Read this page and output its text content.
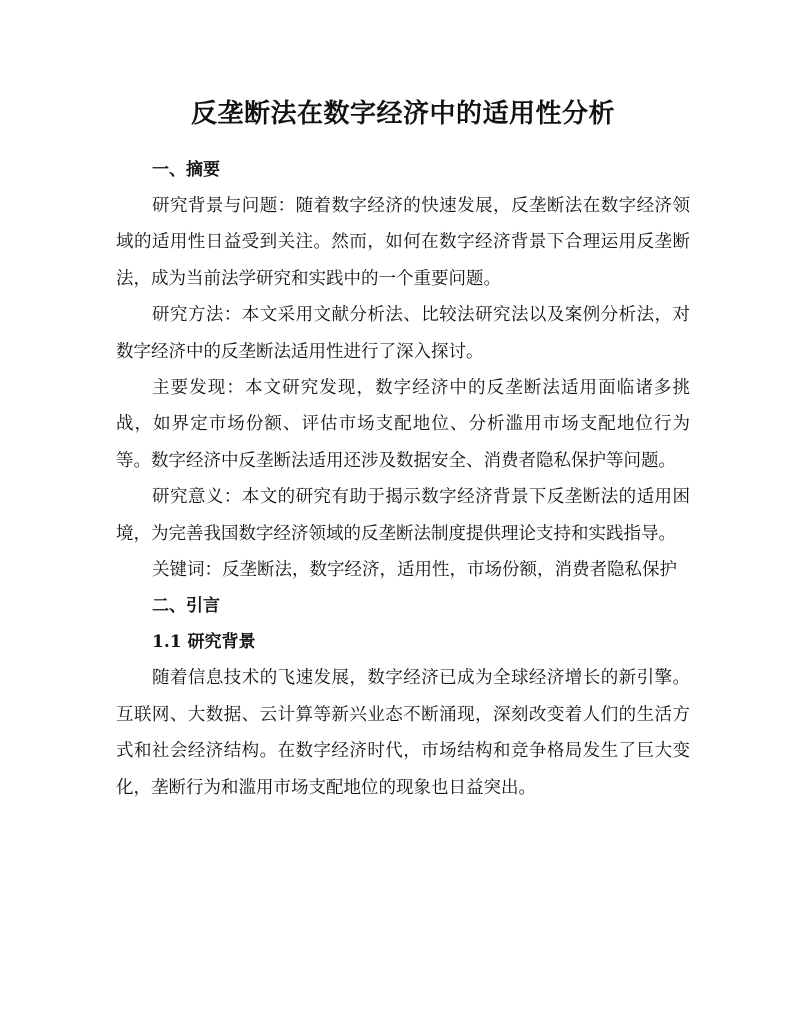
反垄断法在数字经济中的适用性分析
一、摘要

研究背景与问题：随着数字经济的快速发展，反垄断法在数字经济领域的适用性日益受到关注。然而，如何在数字经济背景下合理运用反垄断法，成为当前法学研究和实践中的一个重要问题。

研究方法：本文采用文献分析法、比较法研究法以及案例分析法，对数字经济中的反垄断法适用性进行了深入探讨。

主要发现：本文研究发现，数字经济中的反垄断法适用面临诸多挑战，如界定市场份额、评估市场支配地位、分析滥用市场支配地位行为等。数字经济中反垄断法适用还涉及数据安全、消费者隐私保护等问题。

研究意义：本文的研究有助于揭示数字经济背景下反垄断法的适用困境，为完善我国数字经济领域的反垄断法制度提供理论支持和实践指导。

关键词：反垄断法，数字经济，适用性，市场份额，消费者隐私保护

二、引言
1.1 研究背景

随着信息技术的飞速发展，数字经济已成为全球经济增长的新引擎。互联网、大数据、云计算等新兴业态不断涌现，深刻改变着人们的生活方式和社会经济结构。在数字经济时代，市场结构和竞争格局发生了巨大变化，垄断行为和滥用市场支配地位的现象也日益突出。
